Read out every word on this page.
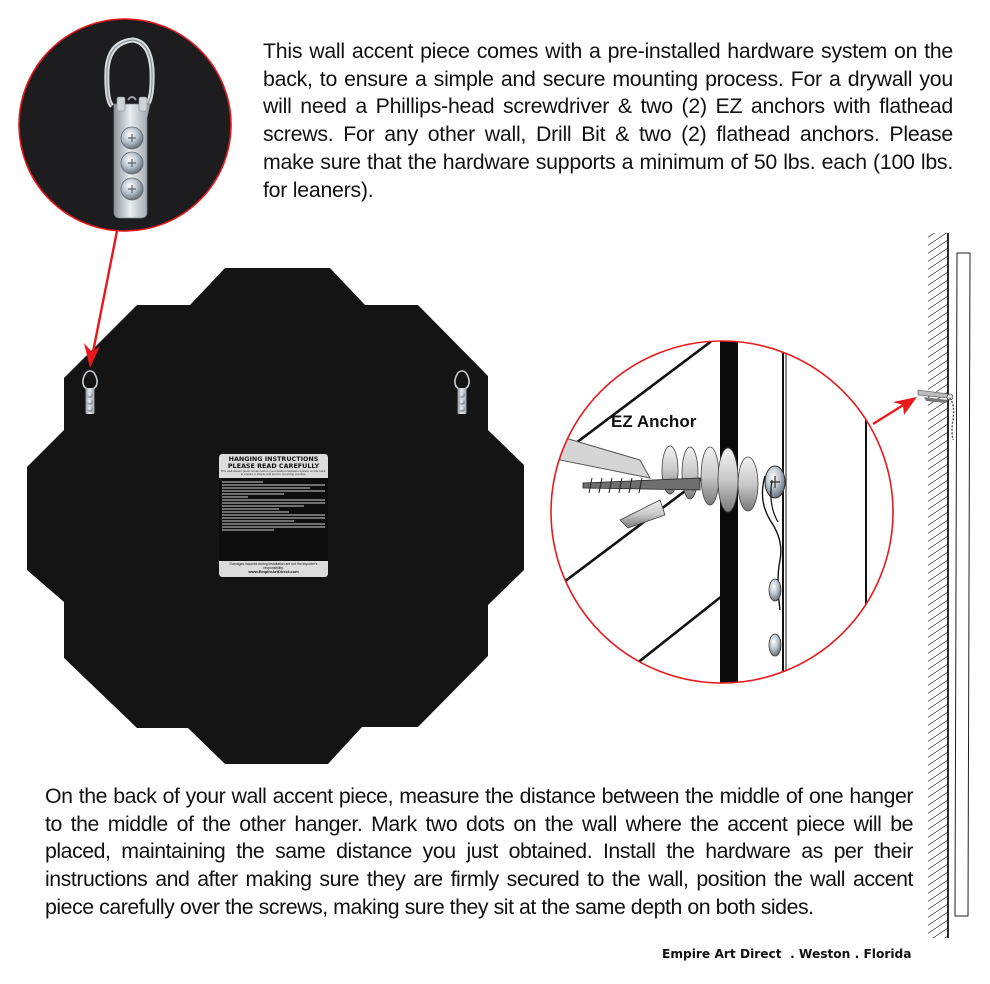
HANGING INSTRUCTIONS
PLEASE READ CAREFULLY
This wall accent piece comes with a pre-installed hardware system on the back, to ensure a simple and secure mounting process.
Damages incurred during installation are not the importer's responsibility.
www.EmpireArtDirect.com
EZ Anchor
This wall accent piece comes with a pre-installed hardware system on the back, to ensure a simple and secure mounting process. For a drywall you will need a Phillips-head screwdriver & two (2) EZ anchors with flathead screws. For any other wall, Drill Bit & two (2) flathead anchors. Please make sure that the hardware supports a minimum of 50 lbs. each (100 lbs. for leaners).
On the back of your wall accent piece, measure the distance between the middle of one hanger to the middle of the other hanger. Mark two dots on the wall where the accent piece will be placed, maintaining the same distance you just obtained. Install the hardware as per their instructions and after making sure they are firmly secured to the wall, position the wall accent piece carefully over the screws, making sure they sit at the same depth on both sides.
Empire Art Direct  . Weston . Florida
